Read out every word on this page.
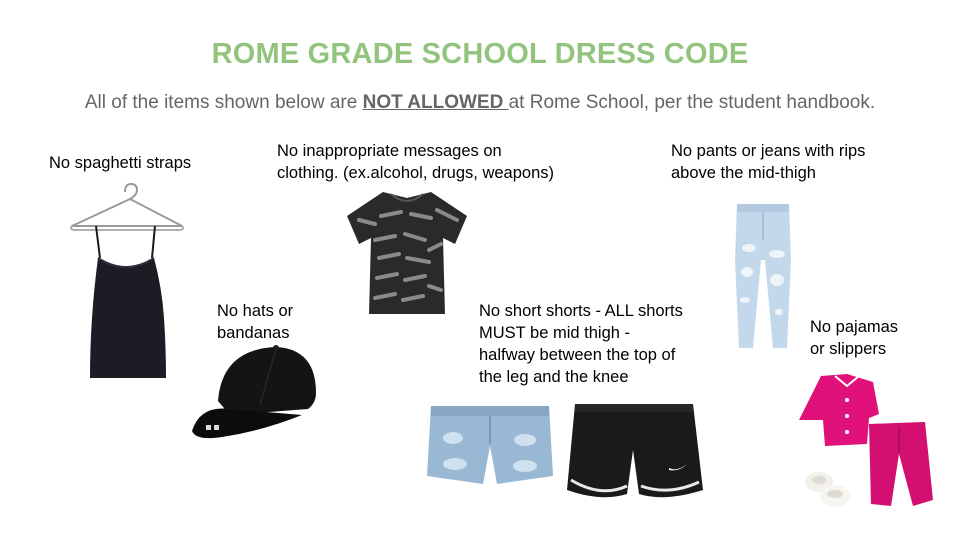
ROME GRADE SCHOOL DRESS CODE
All of the items shown below are NOT ALLOWED at Rome School, per the student handbook.
No spaghetti straps
No inappropriate messages on
clothing. (ex.alcohol, drugs, weapons)
No pants or jeans with rips
above the mid-thigh
No hats or
bandanas
No short shorts - ALL shorts
MUST be mid thigh -
halfway between the top of
the leg and the knee
No pajamas
or slippers
